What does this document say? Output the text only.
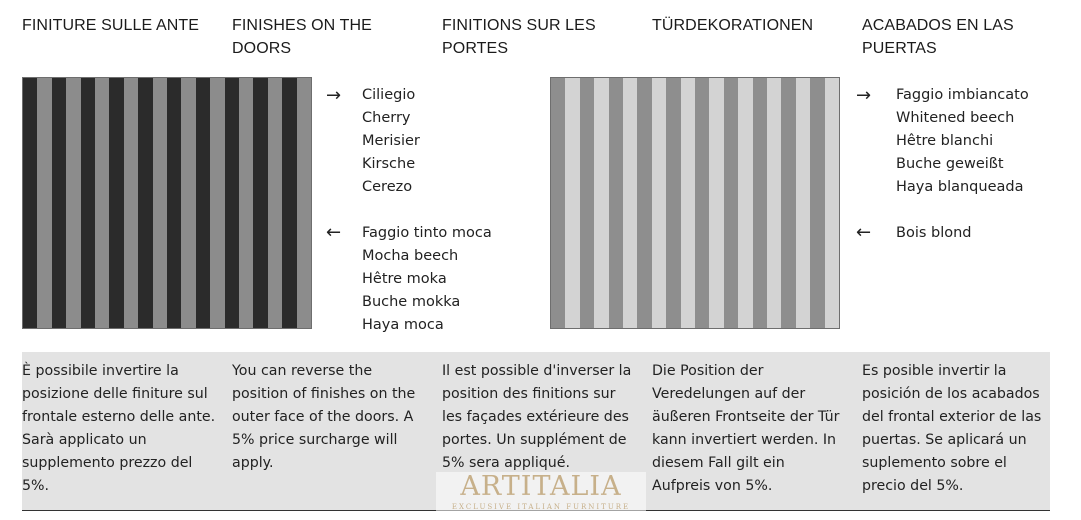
FINITURE SULLE ANTE	FINISHES ON THE DOORS
FINITIONS SUR LES PORTES
TÜRDEKORATIONEN	ACABADOS EN LAS PUERTAS
→ Ciliegio
Cherry
Merisier
Kirsche
Cerezo
← Faggio tinto moca
Mocha beech
Hêtre moka
Buche mokka
Haya moca
→ Faggio imbiancato
Whitened beech
Hêtre blanchi
Buche geweißt
Haya blanqueada
← Bois blond
È possibile invertire la posizione delle finiture sul frontale esterno delle ante. Sarà applicato un supplemento prezzo del 5%.
You can reverse the position of finishes on the outer face of the doors. A 5% price surcharge will apply.
Il est possible d'inverser la position des finitions sur les façades extérieure des portes. Un supplément de 5% sera appliqué.
Die Position der Veredelungen auf der äußeren Frontseite der Tür kann invertiert werden. In diesem Fall gilt ein Aufpreis von 5%.
Es posible invertir la posición de los acabados del frontal exterior de las puertas. Se aplicará un suplemento sobre el precio del 5%.
ARTITALIA
EXCLUSIVE ITALIAN FURNITURE
